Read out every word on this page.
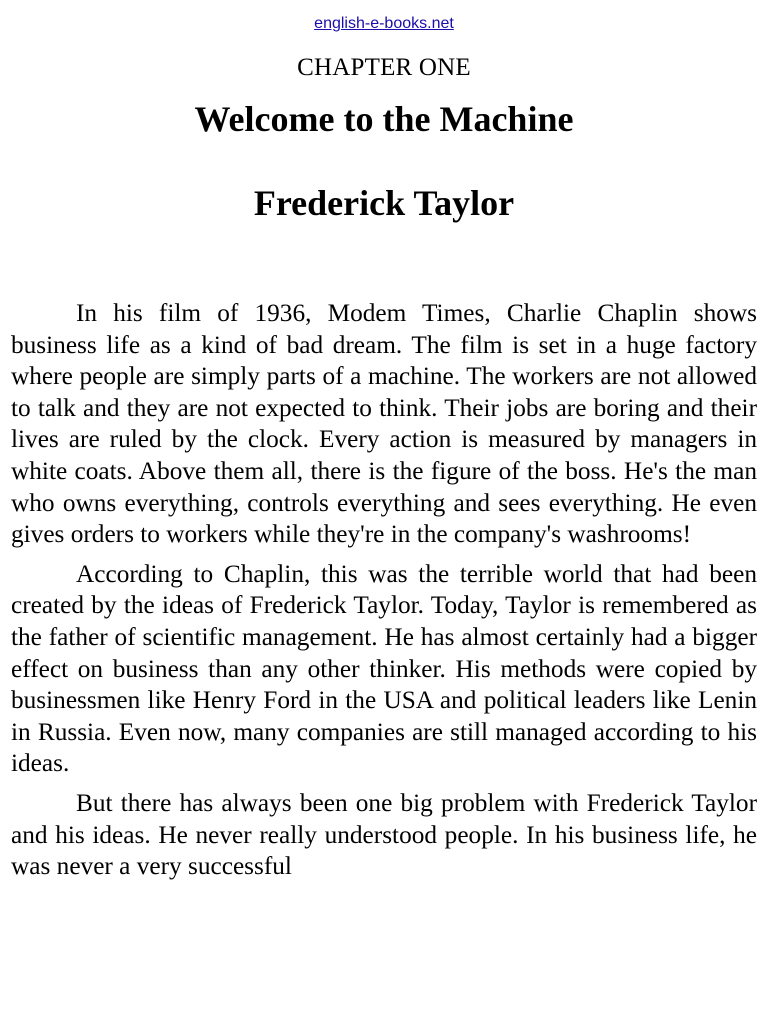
english-e-books.net
CHAPTER ONE
Welcome to the Machine
Frederick Taylor

In his film of 1936, Modem Times, Charlie Chaplin shows business life as a kind of bad dream. The film is set in a huge factory where people are simply parts of a machine. The workers are not allowed to talk and they are not expected to think. Their jobs are boring and their lives are ruled by the clock. Every action is measured by managers in white coats. Above them all, there is the figure of the boss. He's the man who owns everything, controls everything and sees everything. He even gives orders to workers while they're in the company's washrooms!

According to Chaplin, this was the terrible world that had been created by the ideas of Frederick Taylor. Today, Taylor is remembered as the father of scientific management. He has almost certainly had a bigger effect on business than any other thinker. His methods were copied by businessmen like Henry Ford in the USA and political leaders like Lenin in Russia. Even now, many companies are still managed according to his ideas.

But there has always been one big problem with Frederick Taylor and his ideas. He never really understood people. In his business life, he was never a very successful
